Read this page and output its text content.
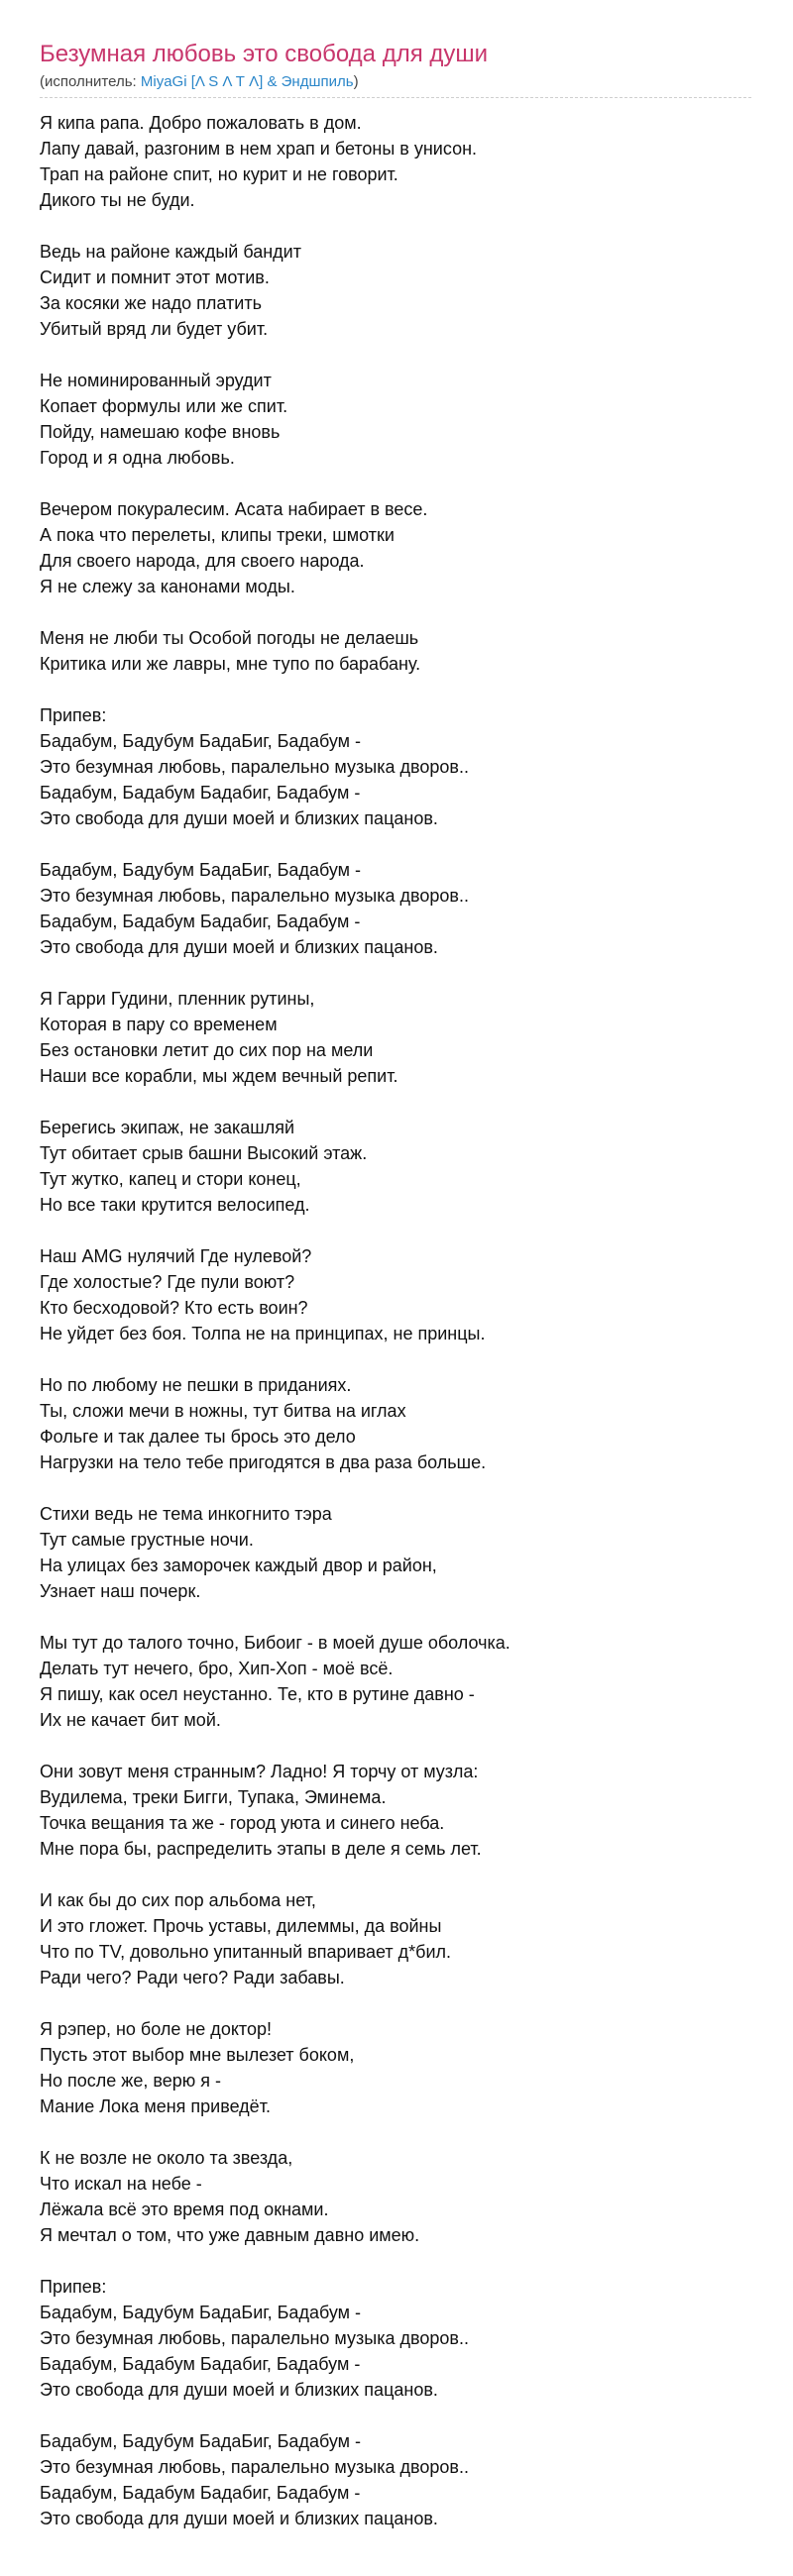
Безумная любовь это свобода для души
(исполнитель: MiyaGi [Λ S Λ Т Λ] & Эндшпиль)
Я кипа рапа. Добро пожаловать в дом.
Лапу давай, разгоним в нем храп и бетоны в унисон.
Трап на районе спит, но курит и не говорит.
Дикого ты не буди.
Ведь на районе каждый бандит
Сидит и помнит этот мотив.
За косяки же надо платить
Убитый вряд ли будет убит.
Не номинированный эрудит
Копает формулы или же спит.
Пойду, намешаю кофе вновь
Город и я одна любовь.
Вечером покуралесим. Асата набирает в весе.
А пока что перелеты, клипы треки, шмотки
Для своего народа, для своего народа.
Я не слежу за канонами моды.
Меня не люби ты Особой погоды не делаешь
Критика или же лавры, мне тупо по барабану.
Припев:
Бадабум, Бадубум БадаБиг, Бадабум -
Это безумная любовь, паралельно музыка дворов..
Бадабум, Бадабум Бадабиг, Бадабум -
Это свобода для души моей и близких пацанов.
Бадабум, Бадубум БадаБиг, Бадабум -
Это безумная любовь, паралельно музыка дворов..
Бадабум, Бадабум Бадабиг, Бадабум -
Это свобода для души моей и близких пацанов.
Я Гарри Гудини, пленник рутины,
Которая в пару со временем
Без остановки летит до сих пор на мели
Наши все корабли, мы ждем вечный репит.
Берегись экипаж, не закашляй
Тут обитает срыв башни Высокий этаж.
Тут жутко, капец и стори конец,
Но все таки крутится велосипед.
Наш AMG нулячий Где нулевой?
Где холостые? Где пули воют?
Кто бесходовой? Кто есть воин?
Не уйдет без боя. Толпа не на принципах, не принцы.
Но по любому не пешки в приданиях.
Ты, сложи мечи в ножны, тут битва на иглах
Фольге и так далее ты брось это дело
Нагрузки на тело тебе пригодятся в два раза больше.
Стихи ведь не тема инкогнито тэра
Тут самые грустные ночи.
На улицах без заморочек каждый двор и район,
Узнает наш почерк.
Мы тут до талого точно, Бибоиг - в моей душе оболочка.
Делать тут нечего, бро, Хип-Хоп - моё всё.
Я пишу, как осел неустанно. Те, кто в рутине давно -
Их не качает бит мой.
Они зовут меня странным? Ладно! Я торчу от музла:
Вудилема, треки Бигги, Тупака, Эминема.
Точка вещания та же - город уюта и синего неба.
Мне пора бы, распределить этапы в деле я семь лет.
И как бы до сих пор альбома нет,
И это гложет. Прочь уставы, дилеммы, да войны
Что по TV, довольно упитанный впаривает д*бил.
Ради чего? Ради чего? Ради забавы.
Я рэпер, но боле не доктор!
Пусть этот выбор мне вылезет боком,
Но после же, верю я -
Мание Лока меня приведёт.
К не возле не около та звезда,
Что искал на небе -
Лёжала всё это время под окнами.
Я мечтал о том, что уже давным давно имею.
Припев:
Бадабум, Бадубум БадаБиг, Бадабум -
Это безумная любовь, паралельно музыка дворов..
Бадабум, Бадабум Бадабиг, Бадабум -
Это свобода для души моей и близких пацанов.
Бадабум, Бадубум БадаБиг, Бадабум -
Это безумная любовь, паралельно музыка дворов..
Бадабум, Бадабум Бадабиг, Бадабум -
Это свобода для души моей и близких пацанов.
